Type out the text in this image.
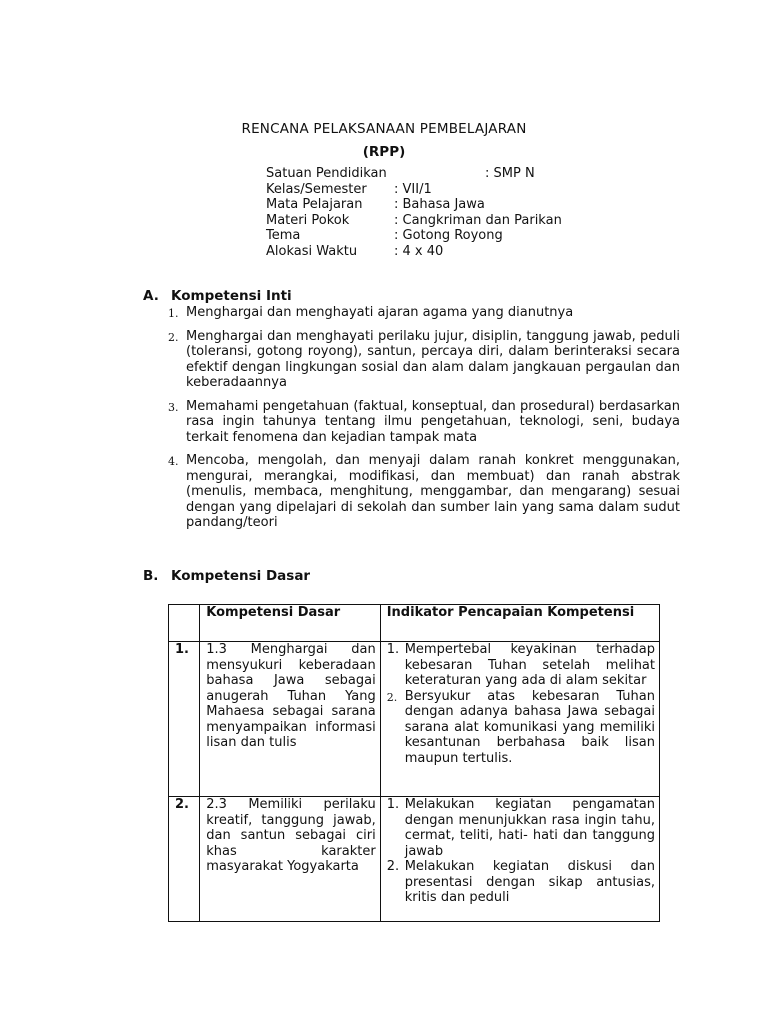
RENCANA PELAKSANAAN PEMBELAJARAN
(RPP)
Satuan Pendidikan	: SMP N
Kelas/Semester : VII/1
Mata Pelajaran : Bahasa Jawa
Materi Pokok	: Cangkriman dan Parikan
Tema	: Gotong Royong
Alokasi Waktu	: 4 x 40
A. Kompetensi Inti
1. Menghargai dan menghayati ajaran agama yang dianutnya
2. Menghargai dan menghayati perilaku jujur, disiplin, tanggung jawab, peduli (toleransi, gotong royong), santun, percaya diri, dalam berinteraksi secara efektif dengan lingkungan sosial dan alam dalam jangkauan pergaulan dan keberadaannya
3. Memahami pengetahuan (faktual, konseptual, dan prosedural) berdasarkan rasa ingin tahunya tentang ilmu pengetahuan, teknologi, seni, budaya terkait fenomena dan kejadian tampak mata
4. Mencoba, mengolah, dan menyaji dalam ranah konkret menggunakan, mengurai, merangkai, modifikasi, dan membuat) dan ranah abstrak (menulis, membaca, menghitung, menggambar, dan mengarang) sesuai dengan yang dipelajari di sekolah dan sumber lain yang sama dalam sudut pandang/teori
B. Kompetensi Dasar
	Kompetensi Dasar	Indikator Pencapaian Kompetensi
1.	1.3 Menghargai dan mensyukuri keberadaan bahasa Jawa sebagai anugerah Tuhan Yang Mahaesa sebagai sarana menyampaikan informasi lisan dan tulis	1. Mempertebal keyakinan terhadap kebesaran Tuhan setelah melihat keteraturan yang ada di alam sekitar
2. Bersyukur atas kebesaran Tuhan dengan adanya bahasa Jawa sebagai sarana alat komunikasi yang memiliki kesantunan berbahasa baik lisan maupun tertulis.

2.	2.3 Memiliki perilaku kreatif, tanggung jawab, dan santun sebagai ciri khas karakter masyarakat Yogyakarta	1. Melakukan kegiatan pengamatan dengan menunjukkan rasa ingin tahu, cermat, teliti, hati- hati dan tanggung jawab
2. Melakukan kegiatan diskusi dan presentasi dengan sikap antusias, kritis dan peduli
